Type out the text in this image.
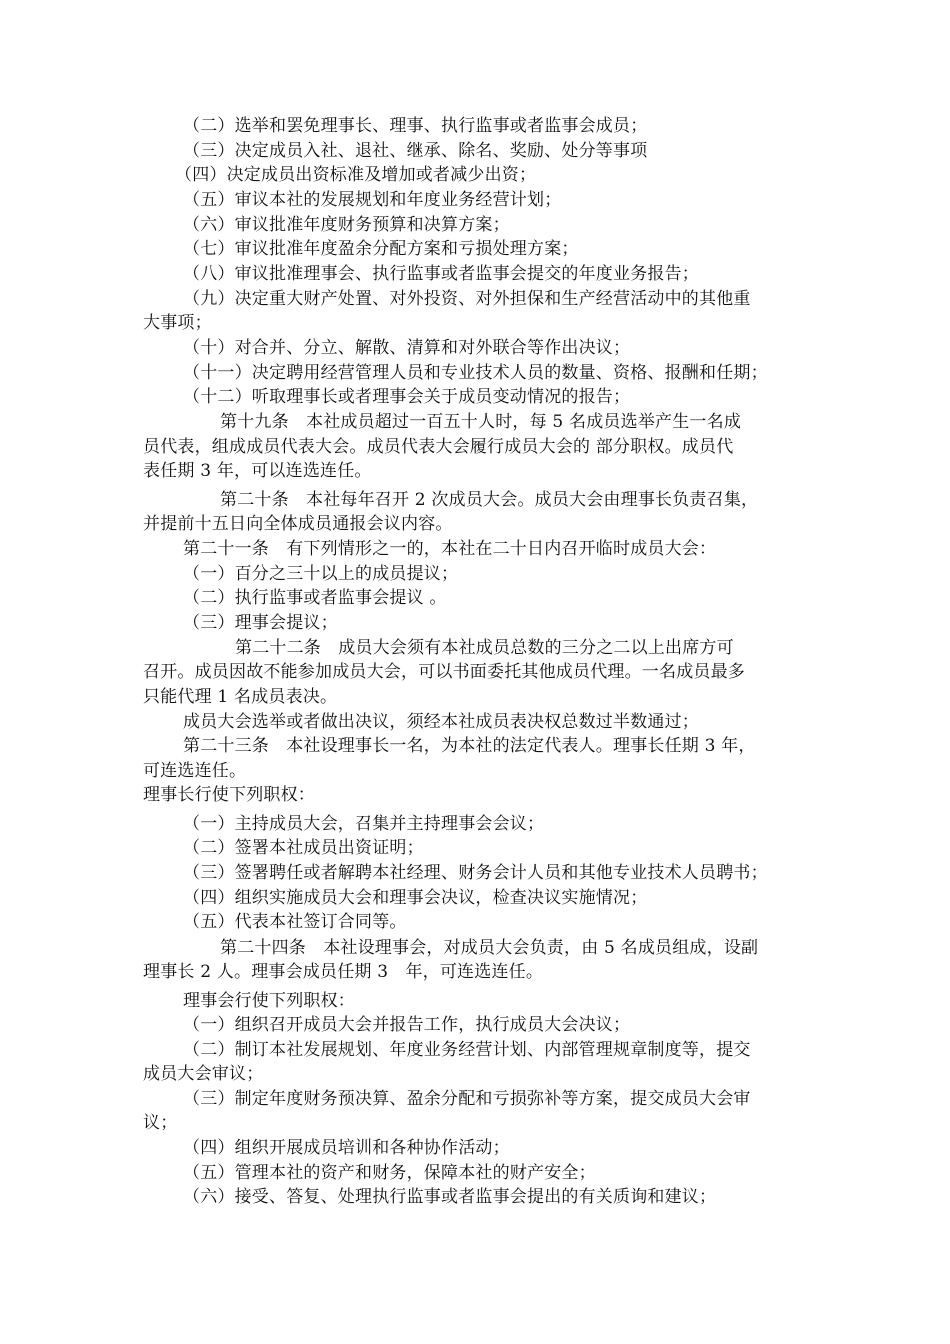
（二）选举和罢免理事长、理事、执行监事或者监事会成员；
（三）决定成员入社、退社、继承、除名、奖励、处分等事项
（四）决定成员出资标准及增加或者减少出资；
（五）审议本社的发展规划和年度业务经营计划；
（六）审议批准年度财务预算和决算方案；
（七）审议批准年度盈余分配方案和亏损处理方案；
（八）审议批准理事会、执行监事或者监事会提交的年度业务报告；
（九）决定重大财产处置、对外投资、对外担保和生产经营活动中的其他重
大事项；
（十）对合并、分立、解散、清算和对外联合等作出决议；
（十一）决定聘用经营管理人员和专业技术人员的数量、资格、报酬和任期；
（十二）听取理事长或者理事会关于成员变动情况的报告；
第十九条　本社成员超过一百五十人时，每 5 名成员选举产生一名成
员代表，组成成员代表大会。成员代表大会履行成员大会的 部分职权。成员代
表任期 3 年，可以连选连任。
第二十条　本社每年召开 2 次成员大会。成员大会由理事长负责召集，
并提前十五日向全体成员通报会议内容。
第二十一条　有下列情形之一的，本社在二十日内召开临时成员大会：
（一）百分之三十以上的成员提议；
（二）执行监事或者监事会提议 。
（三）理事会提议；
第二十二条　成员大会须有本社成员总数的三分之二以上出席方可
召开。成员因故不能参加成员大会，可以书面委托其他成员代理。一名成员最多
只能代理 1 名成员表决。
成员大会选举或者做出决议，须经本社成员表决权总数过半数通过；
第二十三条　本社设理事长一名，为本社的法定代表人。理事长任期 3 年，
可连选连任。
理事长行使下列职权：
（一）主持成员大会，召集并主持理事会会议；
（二）签署本社成员出资证明；
（三）签署聘任或者解聘本社经理、财务会计人员和其他专业技术人员聘书；
（四）组织实施成员大会和理事会决议，检查决议实施情况；
（五）代表本社签订合同等。
第二十四条　本社设理事会，对成员大会负责，由 5 名成员组成，设副
理事长 2 人。理事会成员任期 3　年，可连选连任。
理事会行使下列职权：
（一）组织召开成员大会并报告工作，执行成员大会决议；
（二）制订本社发展规划、年度业务经营计划、内部管理规章制度等，提交
成员大会审议；
（三）制定年度财务预决算、盈余分配和亏损弥补等方案，提交成员大会审
议；
（四）组织开展成员培训和各种协作活动；
（五）管理本社的资产和财务，保障本社的财产安全；
（六）接受、答复、处理执行监事或者监事会提出的有关质询和建议；
